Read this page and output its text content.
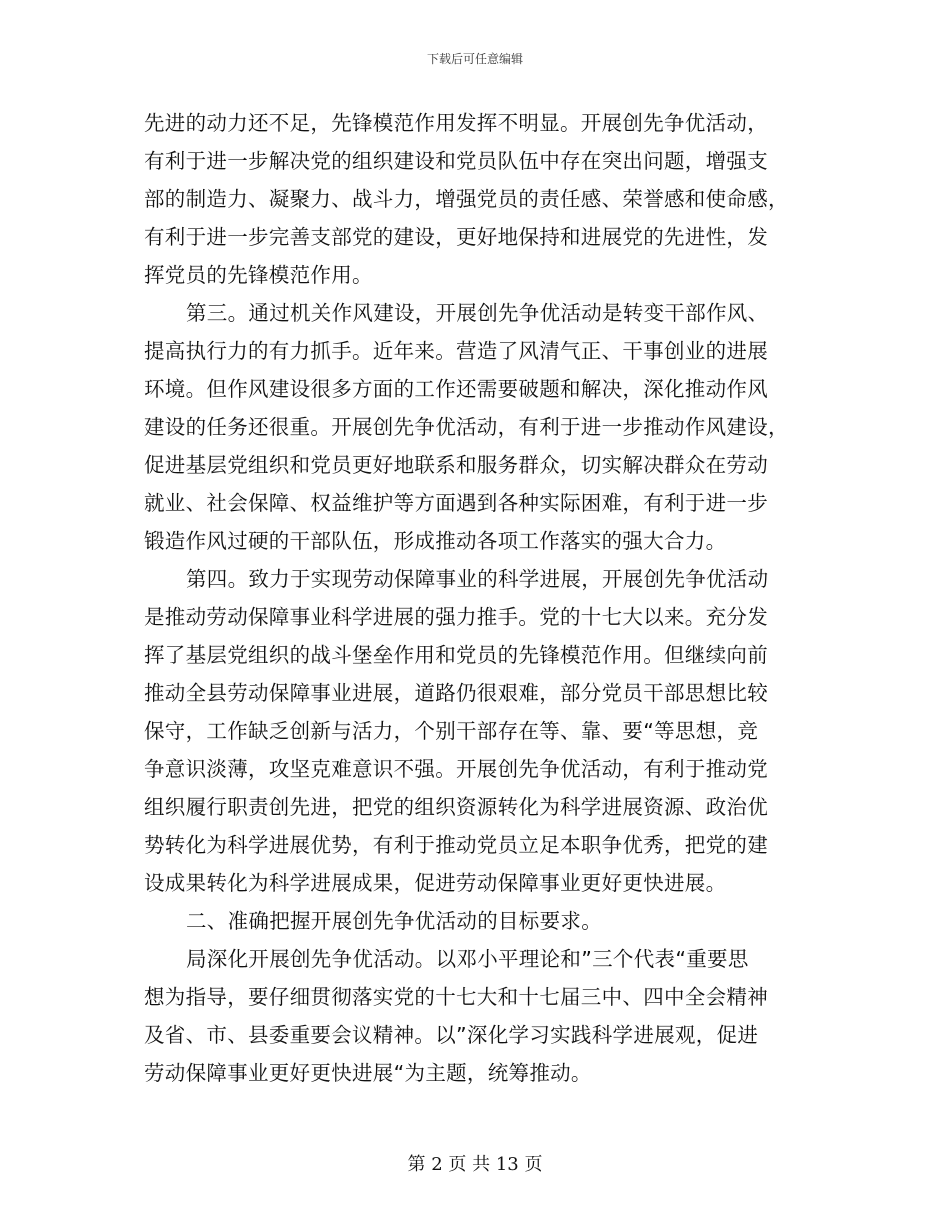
下载后可任意编辑
先进的动力还不足，先锋模范作用发挥不明显。开展创先争优活动，
有利于进一步解决党的组织建设和党员队伍中存在突出问题，增强支
部的制造力、凝聚力、战斗力，增强党员的责任感、荣誉感和使命感，
有利于进一步完善支部党的建设，更好地保持和进展党的先进性，发
挥党员的先锋模范作用。
第三。通过机关作风建设，开展创先争优活动是转变干部作风、
提高执行力的有力抓手。近年来。营造了风清气正、干事创业的进展
环境。但作风建设很多方面的工作还需要破题和解决，深化推动作风
建设的任务还很重。开展创先争优活动，有利于进一步推动作风建设，
促进基层党组织和党员更好地联系和服务群众，切实解决群众在劳动
就业、社会保障、权益维护等方面遇到各种实际困难，有利于进一步
锻造作风过硬的干部队伍，形成推动各项工作落实的强大合力。
第四。致力于实现劳动保障事业的科学进展，开展创先争优活动
是推动劳动保障事业科学进展的强力推手。党的十七大以来。充分发
挥了基层党组织的战斗堡垒作用和党员的先锋模范作用。但继续向前
推动全县劳动保障事业进展，道路仍很艰难，部分党员干部思想比较
保守，工作缺乏创新与活力，个别干部存在等、靠、要“等思想，竞
争意识淡薄，攻坚克难意识不强。开展创先争优活动，有利于推动党
组织履行职责创先进，把党的组织资源转化为科学进展资源、政治优
势转化为科学进展优势，有利于推动党员立足本职争优秀，把党的建
设成果转化为科学进展成果，促进劳动保障事业更好更快进展。
二、准确把握开展创先争优活动的目标要求。
局深化开展创先争优活动。以邓小平理论和”三个代表“重要思
想为指导，要仔细贯彻落实党的十七大和十七届三中、四中全会精神
及省、市、县委重要会议精神。以”深化学习实践科学进展观，促进
劳动保障事业更好更快进展“为主题，统筹推动。
第 2 页 共 13 页
